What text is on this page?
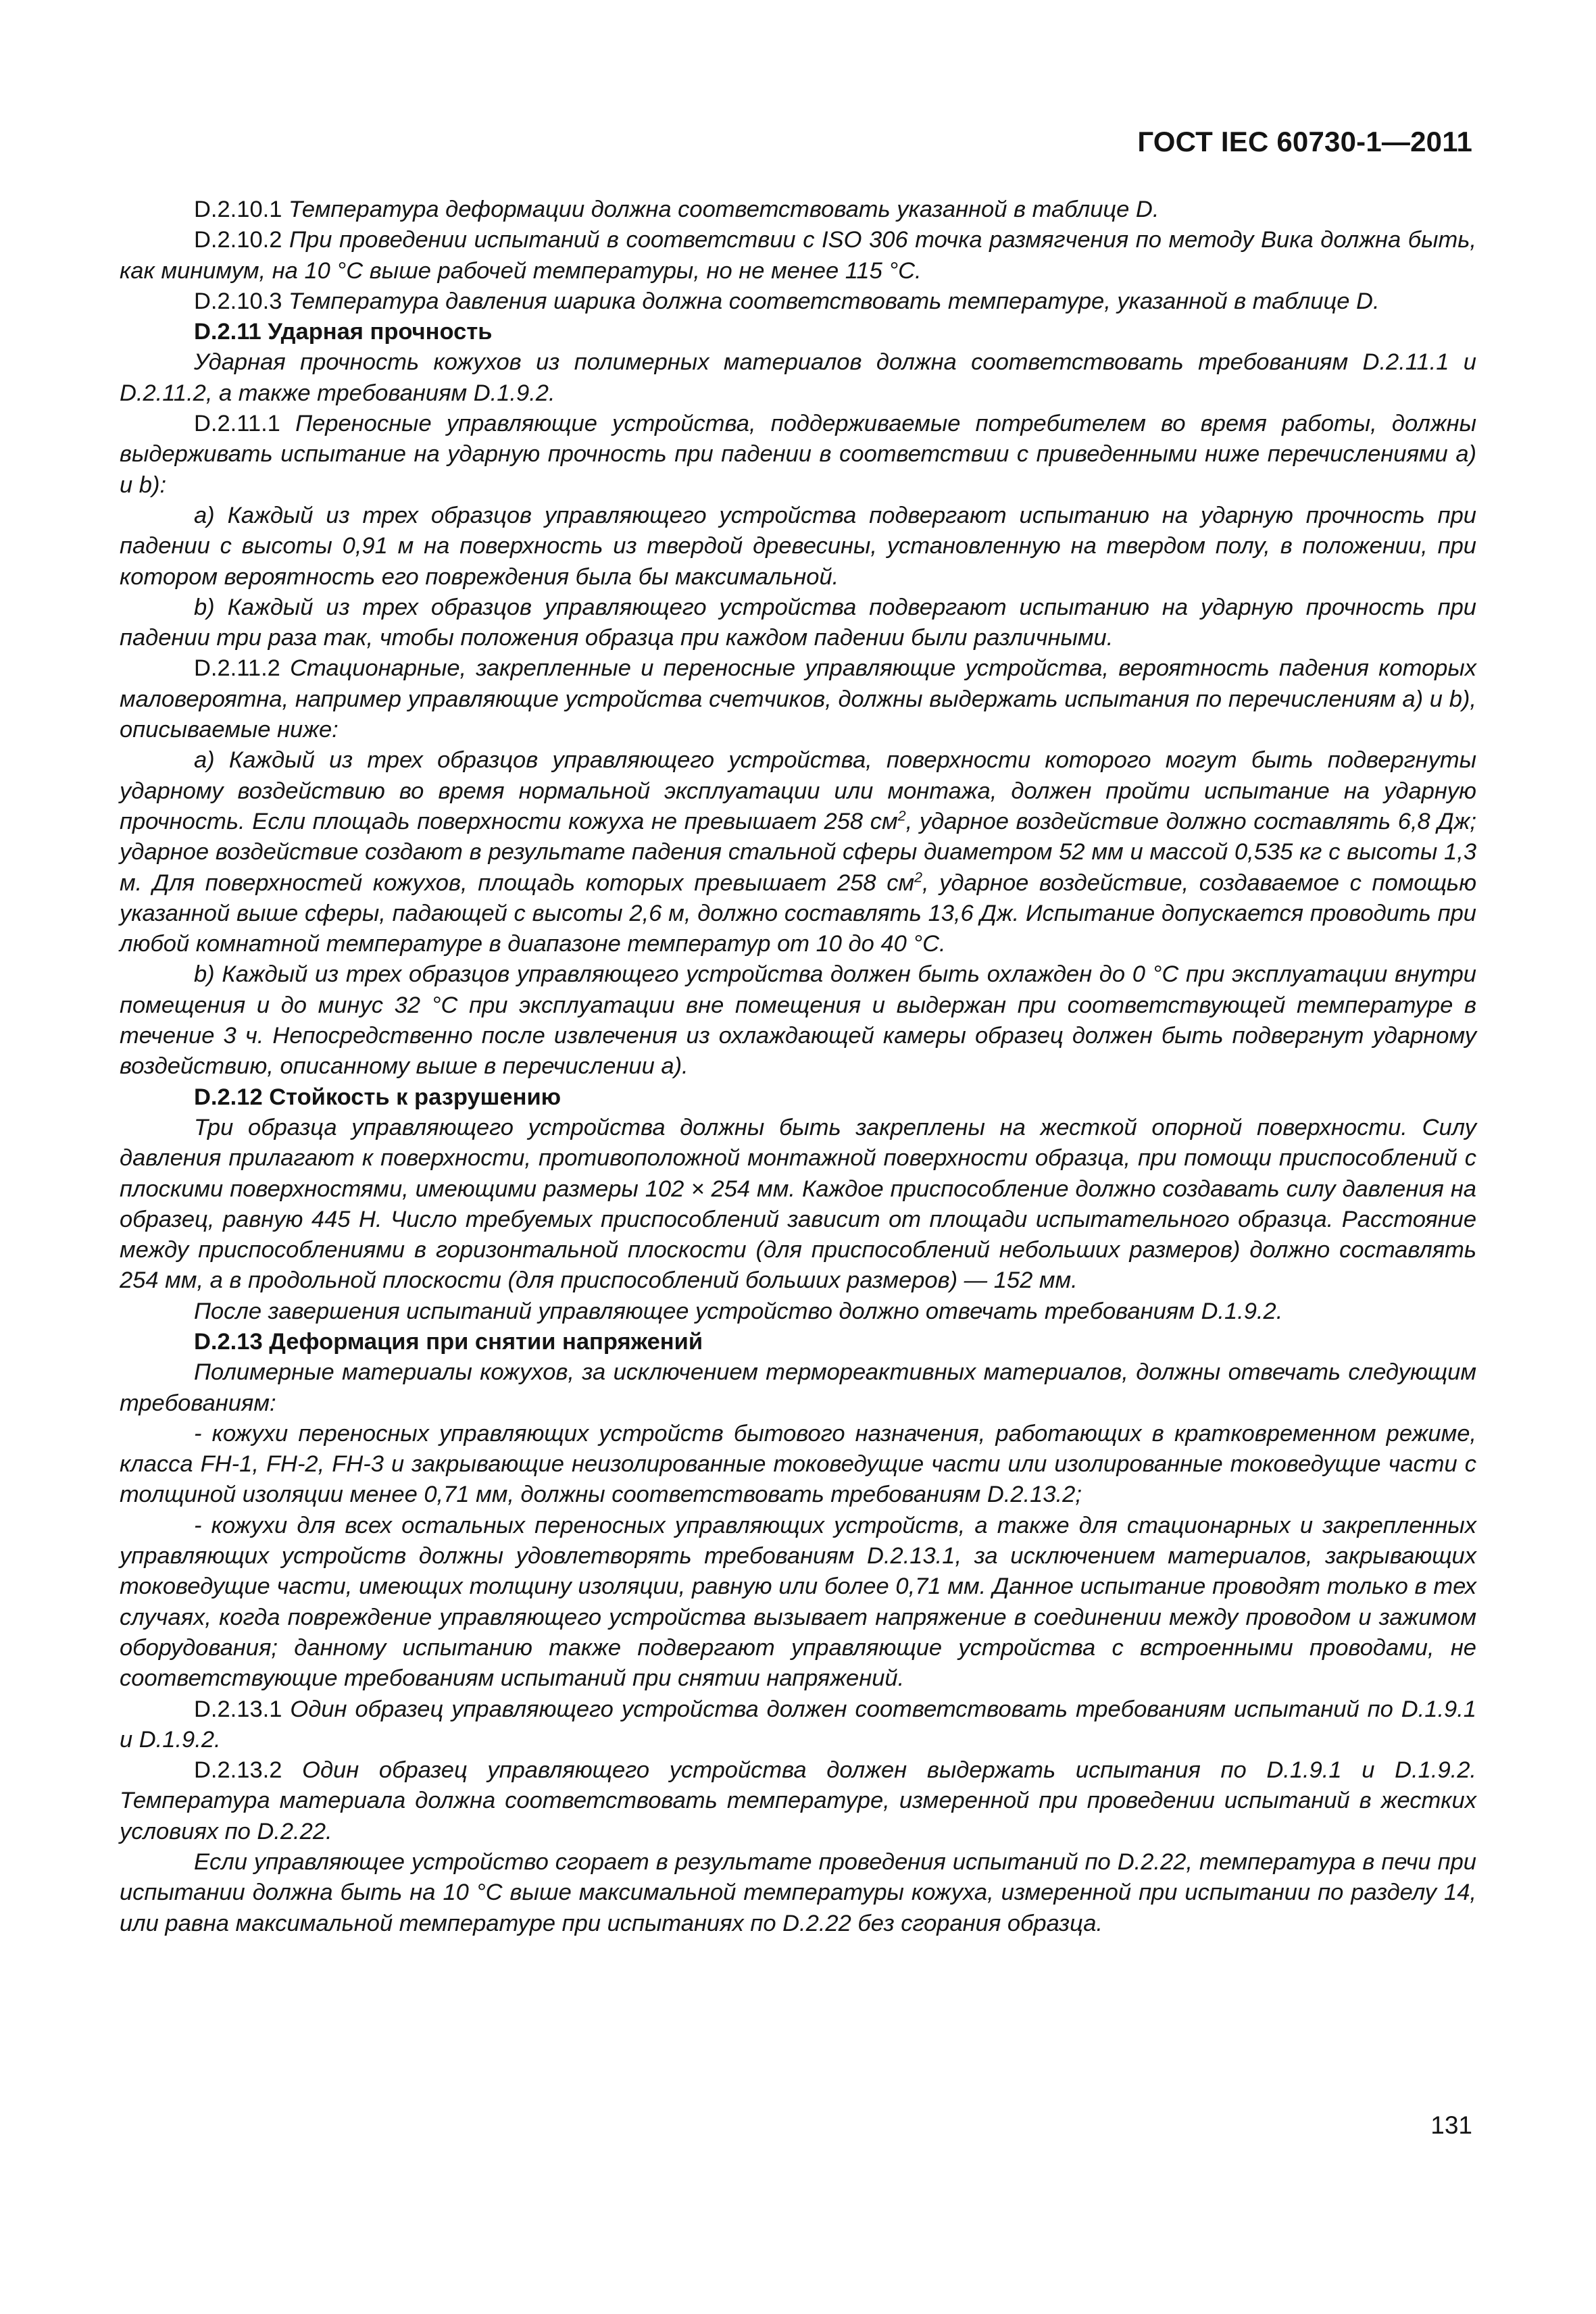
ГОСТ IEC 60730-1—2011

D.2.10.1 Температура деформации должна соответствовать указанной в таблице D.

D.2.10.2 При проведении испытаний в соответствии с ISO 306 точка размягчения по методу Вика должна быть, как минимум, на 10 °С выше рабочей температуры, но не менее 115 °С.

D.2.10.3 Температура давления шарика должна соответствовать температуре, указанной в таблице D.

D.2.11 Ударная прочность

Ударная прочность кожухов из полимерных материалов должна соответствовать требованиям D.2.11.1 и D.2.11.2, а также требованиям D.1.9.2.

D.2.11.1 Переносные управляющие устройства, поддерживаемые потребителем во время работы, должны выдерживать испытание на ударную прочность при падении в соответствии с приведенными ниже перечислениями a) и b):

a) Каждый из трех образцов управляющего устройства подвергают испытанию на ударную прочность при падении с высоты 0,91 м на поверхность из твердой древесины, установленную на твердом полу, в положении, при котором вероятность его повреждения была бы максимальной.

b) Каждый из трех образцов управляющего устройства подвергают испытанию на ударную прочность при падении три раза так, чтобы положения образца при каждом падении были различными.

D.2.11.2 Стационарные, закрепленные и переносные управляющие устройства, вероятность падения которых маловероятна, например управляющие устройства счетчиков, должны выдержать испытания по перечислениям a) и b), описываемые ниже:

a) Каждый из трех образцов управляющего устройства, поверхности которого могут быть подвергнуты ударному воздействию во время нормальной эксплуатации или монтажа, должен пройти испытание на ударную прочность. Если площадь поверхности кожуха не превышает 258 $см^2$, ударное воздействие должно составлять 6,8 Дж; ударное воздействие создают в результате падения стальной сферы диаметром 52 мм и массой 0,535 кг с высоты 1,3 м. Для поверхностей кожухов, площадь которых превышает 258 $см^2$, ударное воздействие, создаваемое с помощью указанной выше сферы, падающей с высоты 2,6 м, должно составлять 13,6 Дж. Испытание допускается проводить при любой комнатной температуре в диапазоне температур от 10 до 40 °С.

b) Каждый из трех образцов управляющего устройства должен быть охлажден до 0 °С при эксплуатации внутри помещения и до минус 32 °С при эксплуатации вне помещения и выдержан при соответствующей температуре в течение 3 ч. Непосредственно после извлечения из охлаждающей камеры образец должен быть подвергнут ударному воздействию, описанному выше в перечислении a).

D.2.12 Стойкость к разрушению

Три образца управляющего устройства должны быть закреплены на жесткой опорной поверхности. Силу давления прилагают к поверхности, противоположной монтажной поверхности образца, при помощи приспособлений с плоскими поверхностями, имеющими размеры 102 × 254 мм. Каждое приспособление должно создавать силу давления на образец, равную 445 Н. Число требуемых приспособлений зависит от площади испытательного образца. Расстояние между приспособлениями в горизонтальной плоскости (для приспособлений небольших размеров) должно составлять 254 мм, а в продольной плоскости (для приспособлений больших размеров) — 152 мм.

После завершения испытаний управляющее устройство должно отвечать требованиям D.1.9.2.

D.2.13 Деформация при снятии напряжений

Полимерные материалы кожухов, за исключением термореактивных материалов, должны отвечать следующим требованиям:

- кожухи переносных управляющих устройств бытового назначения, работающих в кратковременном режиме, класса FH-1, FH-2, FH-3 и закрывающие неизолированные токоведущие части или изолированные токоведущие части с толщиной изоляции менее 0,71 мм, должны соответствовать требованиям D.2.13.2;

- кожухи для всех остальных переносных управляющих устройств, а также для стационарных и закрепленных управляющих устройств должны удовлетворять требованиям D.2.13.1, за исключением материалов, закрывающих токоведущие части, имеющих толщину изоляции, равную или более 0,71 мм. Данное испытание проводят только в тех случаях, когда повреждение управляющего устройства вызывает напряжение в соединении между проводом и зажимом оборудования; данному испытанию также подвергают управляющие устройства с встроенными проводами, не соответствующие требованиям испытаний при снятии напряжений.

D.2.13.1 Один образец управляющего устройства должен соответствовать требованиям испытаний по D.1.9.1 и D.1.9.2.

D.2.13.2 Один образец управляющего устройства должен выдержать испытания по D.1.9.1 и D.1.9.2. Температура материала должна соответствовать температуре, измеренной при проведении испытаний в жестких условиях по D.2.22.

Если управляющее устройство сгорает в результате проведения испытаний по D.2.22, температура в печи при испытании должна быть на 10 °С выше максимальной температуры кожуха, измеренной при испытании по разделу 14, или равна максимальной температуре при испытаниях по D.2.22 без сгорания образца.

131
